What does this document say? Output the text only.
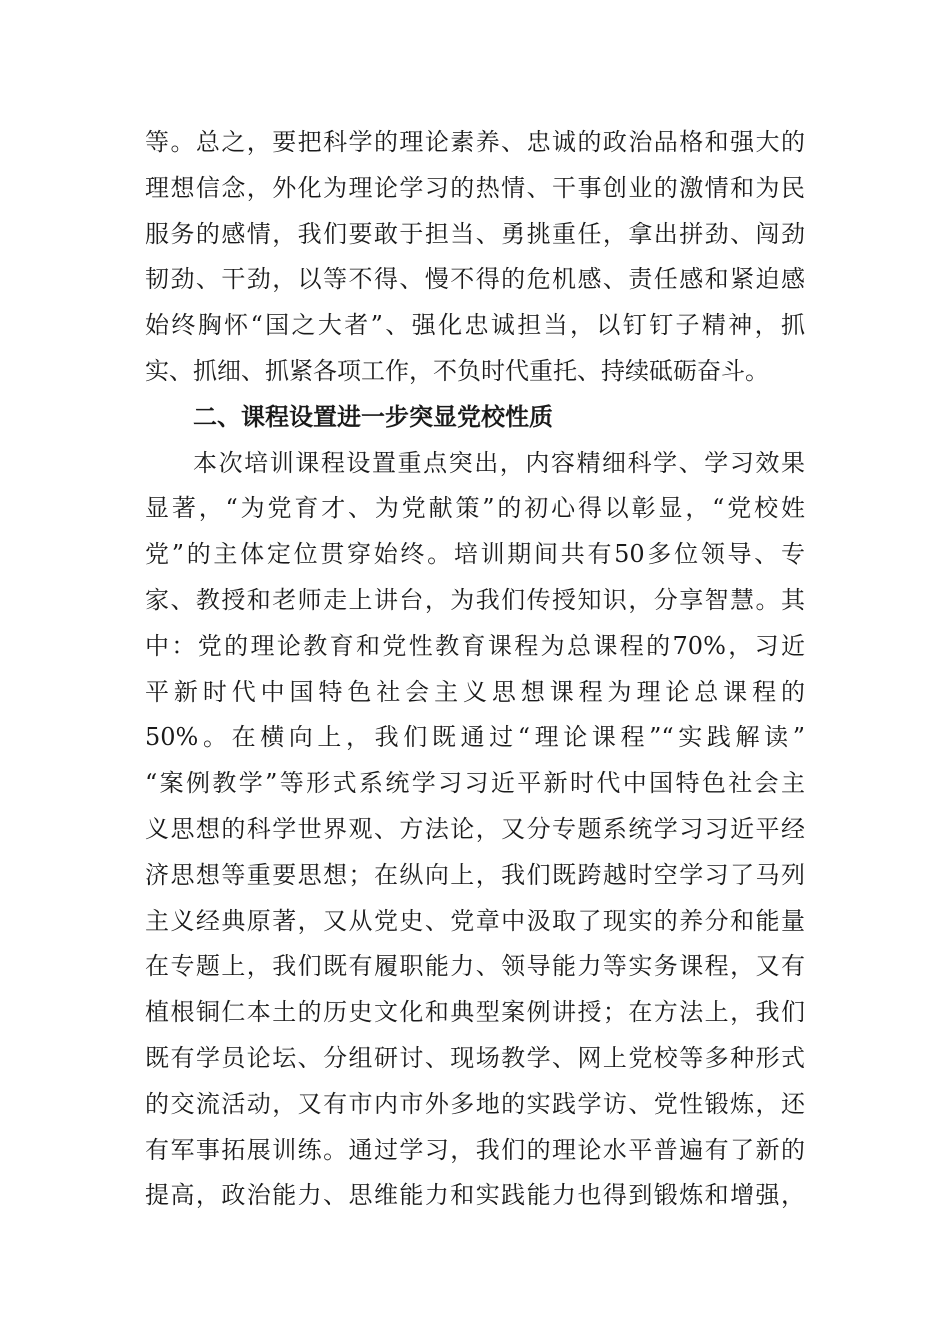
等。总之，要把科学的理论素养、忠诚的政治品格和强大的
理想信念，外化为理论学习的热情、干事创业的激情和为民
服务的感情，我们要敢于担当、勇挑重任，拿出拼劲、闯劲
韧劲、干劲，以等不得、慢不得的危机感、责任感和紧迫感
始终胸怀“国之大者”、强化忠诚担当，以钉钉子精神，抓
实、抓细、抓紧各项工作，不负时代重托、持续砥砺奋斗。
二、课程设置进一步突显党校性质
本次培训课程设置重点突出，内容精细科学、学习效果
显著，“为党育才、为党献策”的初心得以彰显，“党校姓
党”的主体定位贯穿始终。培训期间共有50多位领导、专
家、教授和老师走上讲台，为我们传授知识，分享智慧。其
中：党的理论教育和党性教育课程为总课程的70%，习近
平新时代中国特色社会主义思想课程为理论总课程的
50%。在横向上，我们既通过“理论课程”“实践解读”
“案例教学”等形式系统学习习近平新时代中国特色社会主
义思想的科学世界观、方法论，又分专题系统学习习近平经
济思想等重要思想；在纵向上，我们既跨越时空学习了马列
主义经典原著，又从党史、党章中汲取了现实的养分和能量
在专题上，我们既有履职能力、领导能力等实务课程，又有
植根铜仁本土的历史文化和典型案例讲授；在方法上，我们
既有学员论坛、分组研讨、现场教学、网上党校等多种形式
的交流活动，又有市内市外多地的实践学访、党性锻炼，还
有军事拓展训练。通过学习，我们的理论水平普遍有了新的
提高，政治能力、思维能力和实践能力也得到锻炼和增强，
